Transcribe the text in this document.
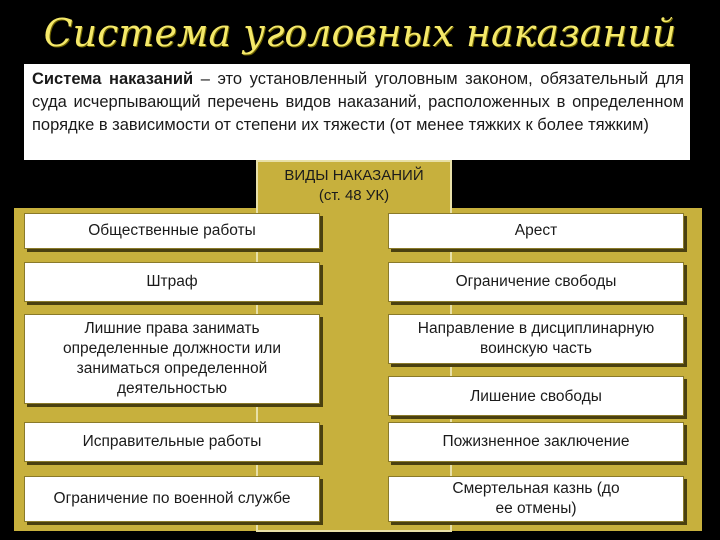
Система уголовных наказаний
Система наказаний – это установленный уголовным законом, обязательный для суда исчерпывающий перечень видов наказаний, расположенных в определенном порядке в зависимости от степени их тяжести (от менее тяжких к более тяжким)
ВИДЫ НАКАЗАНИЙ
(ст. 48 УК)
Общественные работы
Штраф
Лишние права занимать определенные должности или заниматься определенной деятельностью
Исправительные работы
Ограничение по военной службе
Арест
Ограничение свободы
Направление в дисциплинарную воинскую часть
Лишение свободы
Пожизненное заключение
Смертельная казнь (до ее отмены)
